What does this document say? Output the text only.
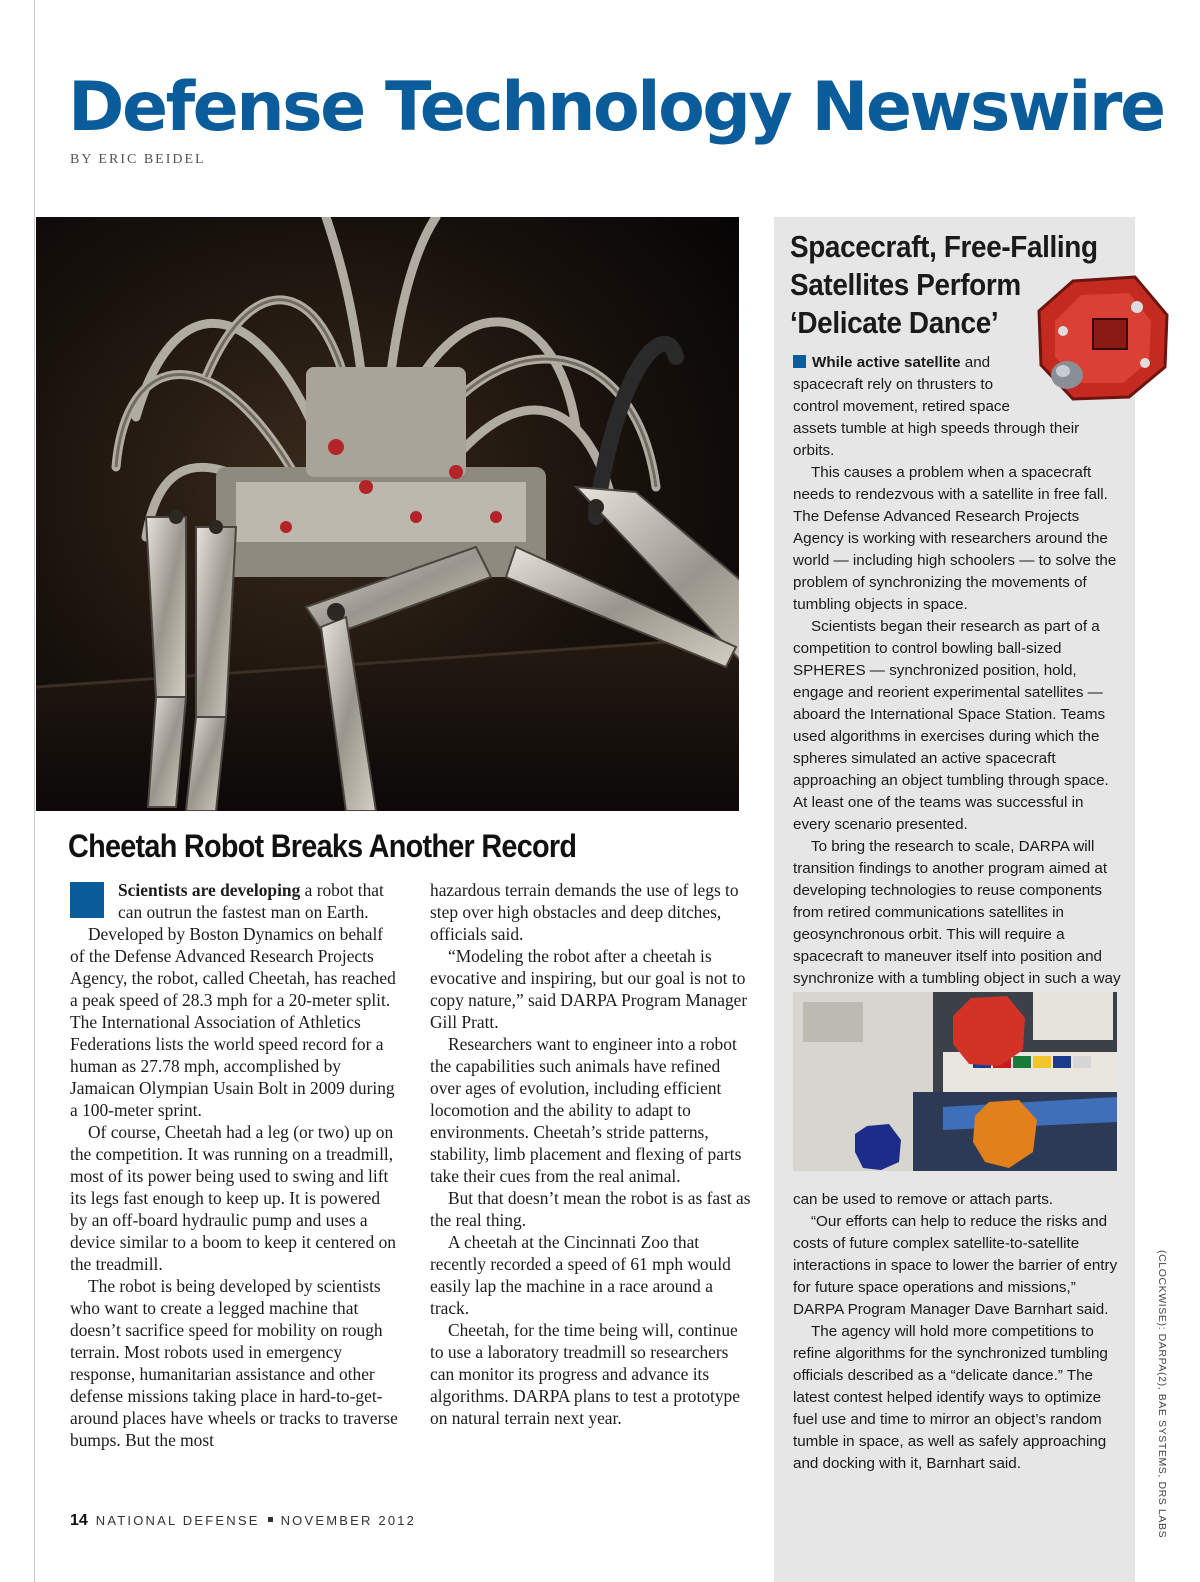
Defense Technology Newswire
BY ERIC BEIDEL
Cheetah Robot Breaks Another Record

Scientists are developing a robot that can outrun the fastest man on Earth.

Developed by Boston Dynamics on behalf of the Defense Advanced Research Projects Agency, the robot, called Cheetah, has reached a peak speed of 28.3 mph for a 20-meter split. The International Association of Athletics Federations lists the world speed record for a human as 27.78 mph, accomplished by Jamaican Olympian Usain Bolt in 2009 during a 100-meter sprint.

Of course, Cheetah had a leg (or two) up on the competition. It was running on a treadmill, most of its power being used to swing and lift its legs fast enough to keep up. It is powered by an off-board hydraulic pump and uses a device similar to a boom to keep it centered on the treadmill.

The robot is being developed by scientists who want to create a legged machine that doesn’t sacrifice speed for mobility on rough terrain. Most robots used in emergency response, humanitarian assistance and other defense missions taking place in hard-to-get-around places have wheels or tracks to traverse bumps. But the most

hazardous terrain demands the use of legs to step over high obstacles and deep ditches, officials said.

“Modeling the robot after a cheetah is evocative and inspiring, but our goal is not to copy nature,” said DARPA Program Manager Gill Pratt.

Researchers want to engineer into a robot the capabilities such animals have refined over ages of evolution, including efficient locomotion and the ability to adapt to environments. Cheetah’s stride patterns, stability, limb placement and flexing of parts take their cues from the real animal.

But that doesn’t mean the robot is as fast as the real thing.

A cheetah at the Cincinnati Zoo that recently recorded a speed of 61 mph would easily lap the machine in a race around a track.

Cheetah, for the time being will, continue to use a laboratory treadmill so researchers can monitor its progress and advance its algorithms. DARPA plans to test a prototype on natural terrain next year.

Spacecraft, Free-Falling
Satellites Perform
‘Delicate Dance’

While active satellite and spacecraft rely on thrusters to control movement, retired space assets tumble at high speeds through their orbits.

This causes a problem when a spacecraft needs to rendezvous with a satellite in free fall. The Defense Advanced Research Projects Agency is working with researchers around the world — including high schoolers — to solve the problem of synchronizing the movements of tumbling objects in space.

Scientists began their research as part of a competition to control bowling ball-sized SPHERES — synchronized position, hold, engage and reorient experimental satellites — aboard the International Space Station. Teams used algorithms in exercises during which the spheres simulated an active spacecraft approaching an object tumbling through space. At least one of the teams was successful in every scenario presented.

To bring the research to scale, DARPA will transition findings to another program aimed at developing technologies to reuse components from retired communications satellites in geosynchronous orbit. This will require a spacecraft to maneuver itself into position and synchronize with a tumbling object in such a way

can be used to remove or attach parts.

“Our efforts can help to reduce the risks and costs of future complex satellite-to-satellite interactions in space to lower the barrier of entry for future space operations and missions,” DARPA Program Manager Dave Barnhart said.

The agency will hold more competitions to refine algorithms for the synchronized tumbling officials described as a “delicate dance.” The latest contest helped identify ways to optimize fuel use and time to mirror an object’s random tumble in space, as well as safely approaching and docking with it, Barnhart said.	(CLOCKWISE): DARPA(2), BAE SYSTEMS, DRS LABS
14 NATIONAL DEFENSE NOVEMBER 2012
